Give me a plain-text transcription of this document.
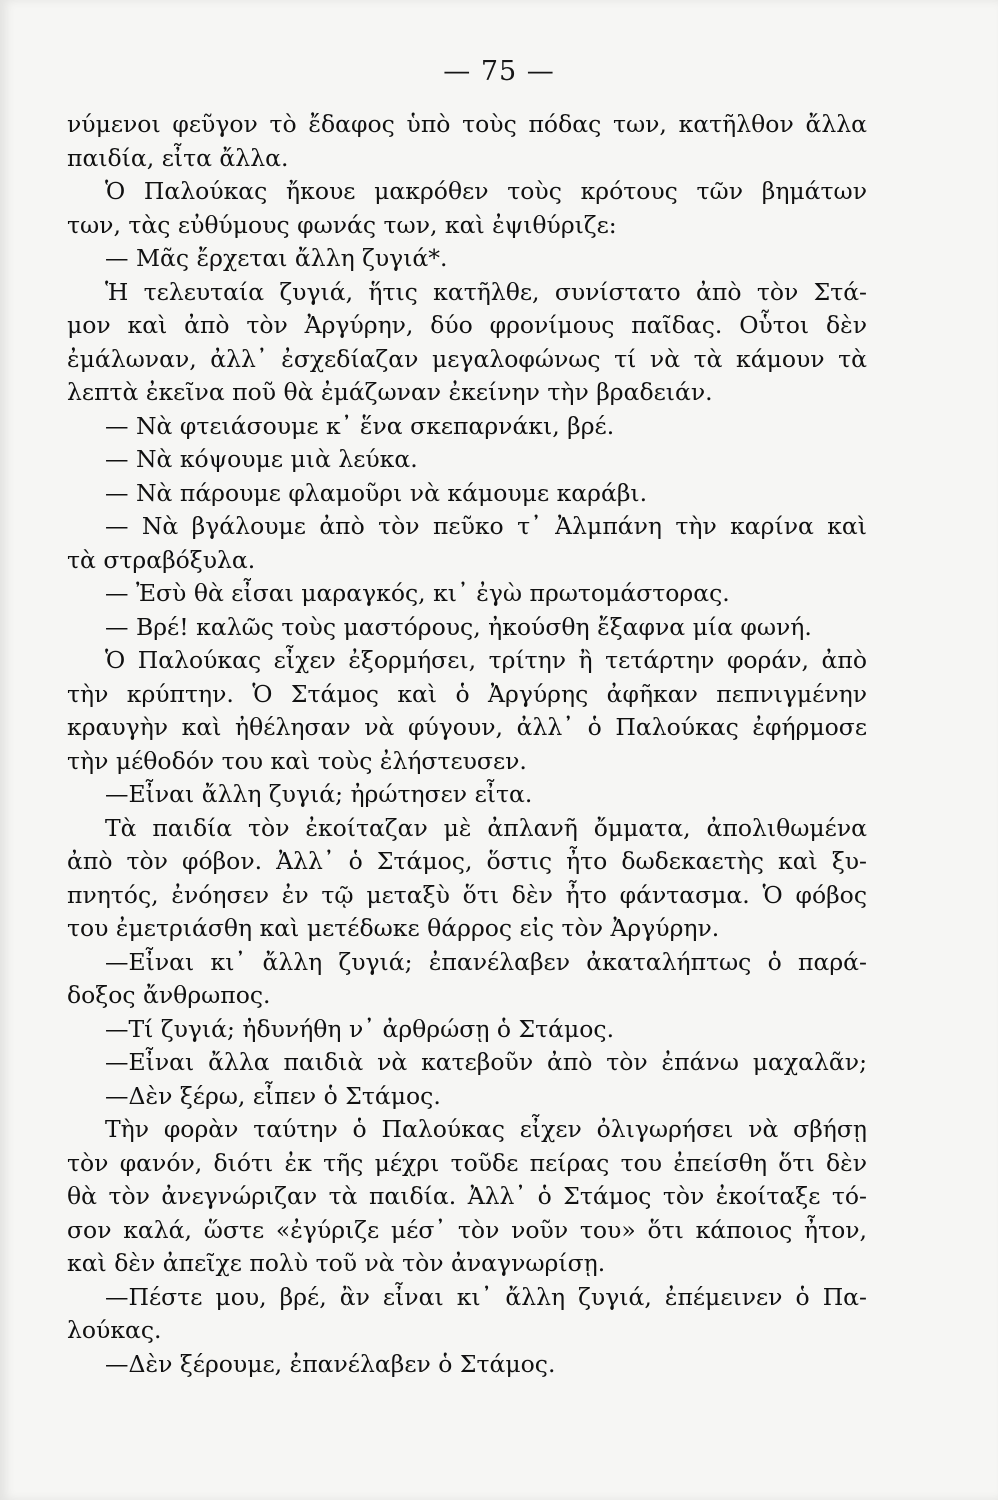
— 75 —
νύμενοι φεῦγον τὸ ἔδαφος ὑπὸ τοὺς πόδας των, κατῆλθον ἄλλα
παιδία, εἶτα ἄλλα.
Ὁ Παλούκας ἤκουε μακρόθεν τοὺς κρότους τῶν βημάτων
των, τὰς εὐθύμους φωνάς των, καὶ ἐψιθύριζε:
— Μᾶς ἔρχεται ἄλλη ζυγιά*.
Ἡ τελευταία ζυγιά, ἥτις κατῆλθε, συνίστατο ἀπὸ τὸν Στά-
μον καὶ ἀπὸ τὸν Ἀργύρην, δύο φρονίμους παῖδας. Οὗτοι δὲν
ἐμάλωναν, ἀλλ᾽ ἐσχεδίαζαν μεγαλοφώνως τί νὰ τὰ κάμουν τὰ
λεπτὰ ἐκεῖνα ποῦ θὰ ἐμάζωναν ἐκείνην τὴν βραδειάν.
— Νὰ φτειάσουμε κ᾽ ἕνα σκεπαρνάκι, βρέ.
— Νὰ κόψουμε μιὰ λεύκα.
— Νὰ πάρουμε φλαμοῦρι νὰ κάμουμε καράβι.
— Νὰ βγάλουμε ἀπὸ τὸν πεῦκο τ᾽ Ἀλμπάνη τὴν καρίνα καὶ
τὰ στραβόξυλα.
— Ἐσὺ θὰ εἶσαι μαραγκός, κι᾽ ἐγὼ πρωτομάστορας.
— Βρέ! καλῶς τοὺς μαστόρους, ἠκούσθη ἔξαφνα μία φωνή.
Ὁ Παλούκας εἶχεν ἐξορμήσει, τρίτην ἢ τετάρτην φοράν, ἀπὸ
τὴν κρύπτην. Ὁ Στάμος καὶ ὁ Ἀργύρης ἀφῆκαν πεπνιγμένην
κραυγὴν καὶ ἠθέλησαν νὰ φύγουν, ἀλλ᾽ ὁ Παλούκας ἐφήρμοσε
τὴν μέθοδόν του καὶ τοὺς ἐλήστευσεν.
—Εἶναι ἄλλη ζυγιά; ἠρώτησεν εἶτα.
Τὰ παιδία τὸν ἐκοίταζαν μὲ ἀπλανῆ ὄμματα, ἀπολιθωμένα
ἀπὸ τὸν φόβον. Ἀλλ᾽ ὁ Στάμος, ὅστις ἦτο δωδεκαετὴς καὶ ξυ-
πνητός, ἐνόησεν ἐν τῷ μεταξὺ ὅτι δὲν ἦτο φάντασμα. Ὁ φόβος
του ἐμετριάσθη καὶ μετέδωκε θάρρος εἰς τὸν Ἀργύρην.
—Εἶναι κι᾽ ἄλλη ζυγιά; ἐπανέλαβεν ἀκαταλήπτως ὁ παρά-
δοξος ἄνθρωπος.
—Τί ζυγιά; ἠδυνήθη ν᾽ ἀρθρώσῃ ὁ Στάμος.
—Εἶναι ἄλλα παιδιὰ νὰ κατεβοῦν ἀπὸ τὸν ἐπάνω μαχαλᾶν;
—Δὲν ξέρω, εἶπεν ὁ Στάμος.
Τὴν φορὰν ταύτην ὁ Παλούκας εἶχεν ὀλιγωρήσει νὰ σβήσῃ
τὸν φανόν, διότι ἐκ τῆς μέχρι τοῦδε πείρας του ἐπείσθη ὅτι δὲν
θὰ τὸν ἀνεγνώριζαν τὰ παιδία. Ἀλλ᾽ ὁ Στάμος τὸν ἐκοίταξε τό-
σον καλά, ὥστε «ἐγύριζε μέσ᾽ τὸν νοῦν του» ὅτι κάποιος ἦτον,
καὶ δὲν ἀπεῖχε πολὺ τοῦ νὰ τὸν ἀναγνωρίσῃ.
—Πέστε μου, βρέ, ἂν εἶναι κι᾽ ἄλλη ζυγιά, ἐπέμεινεν ὁ Πα-
λούκας.
—Δὲν ξέρουμε, ἐπανέλαβεν ὁ Στάμος.
